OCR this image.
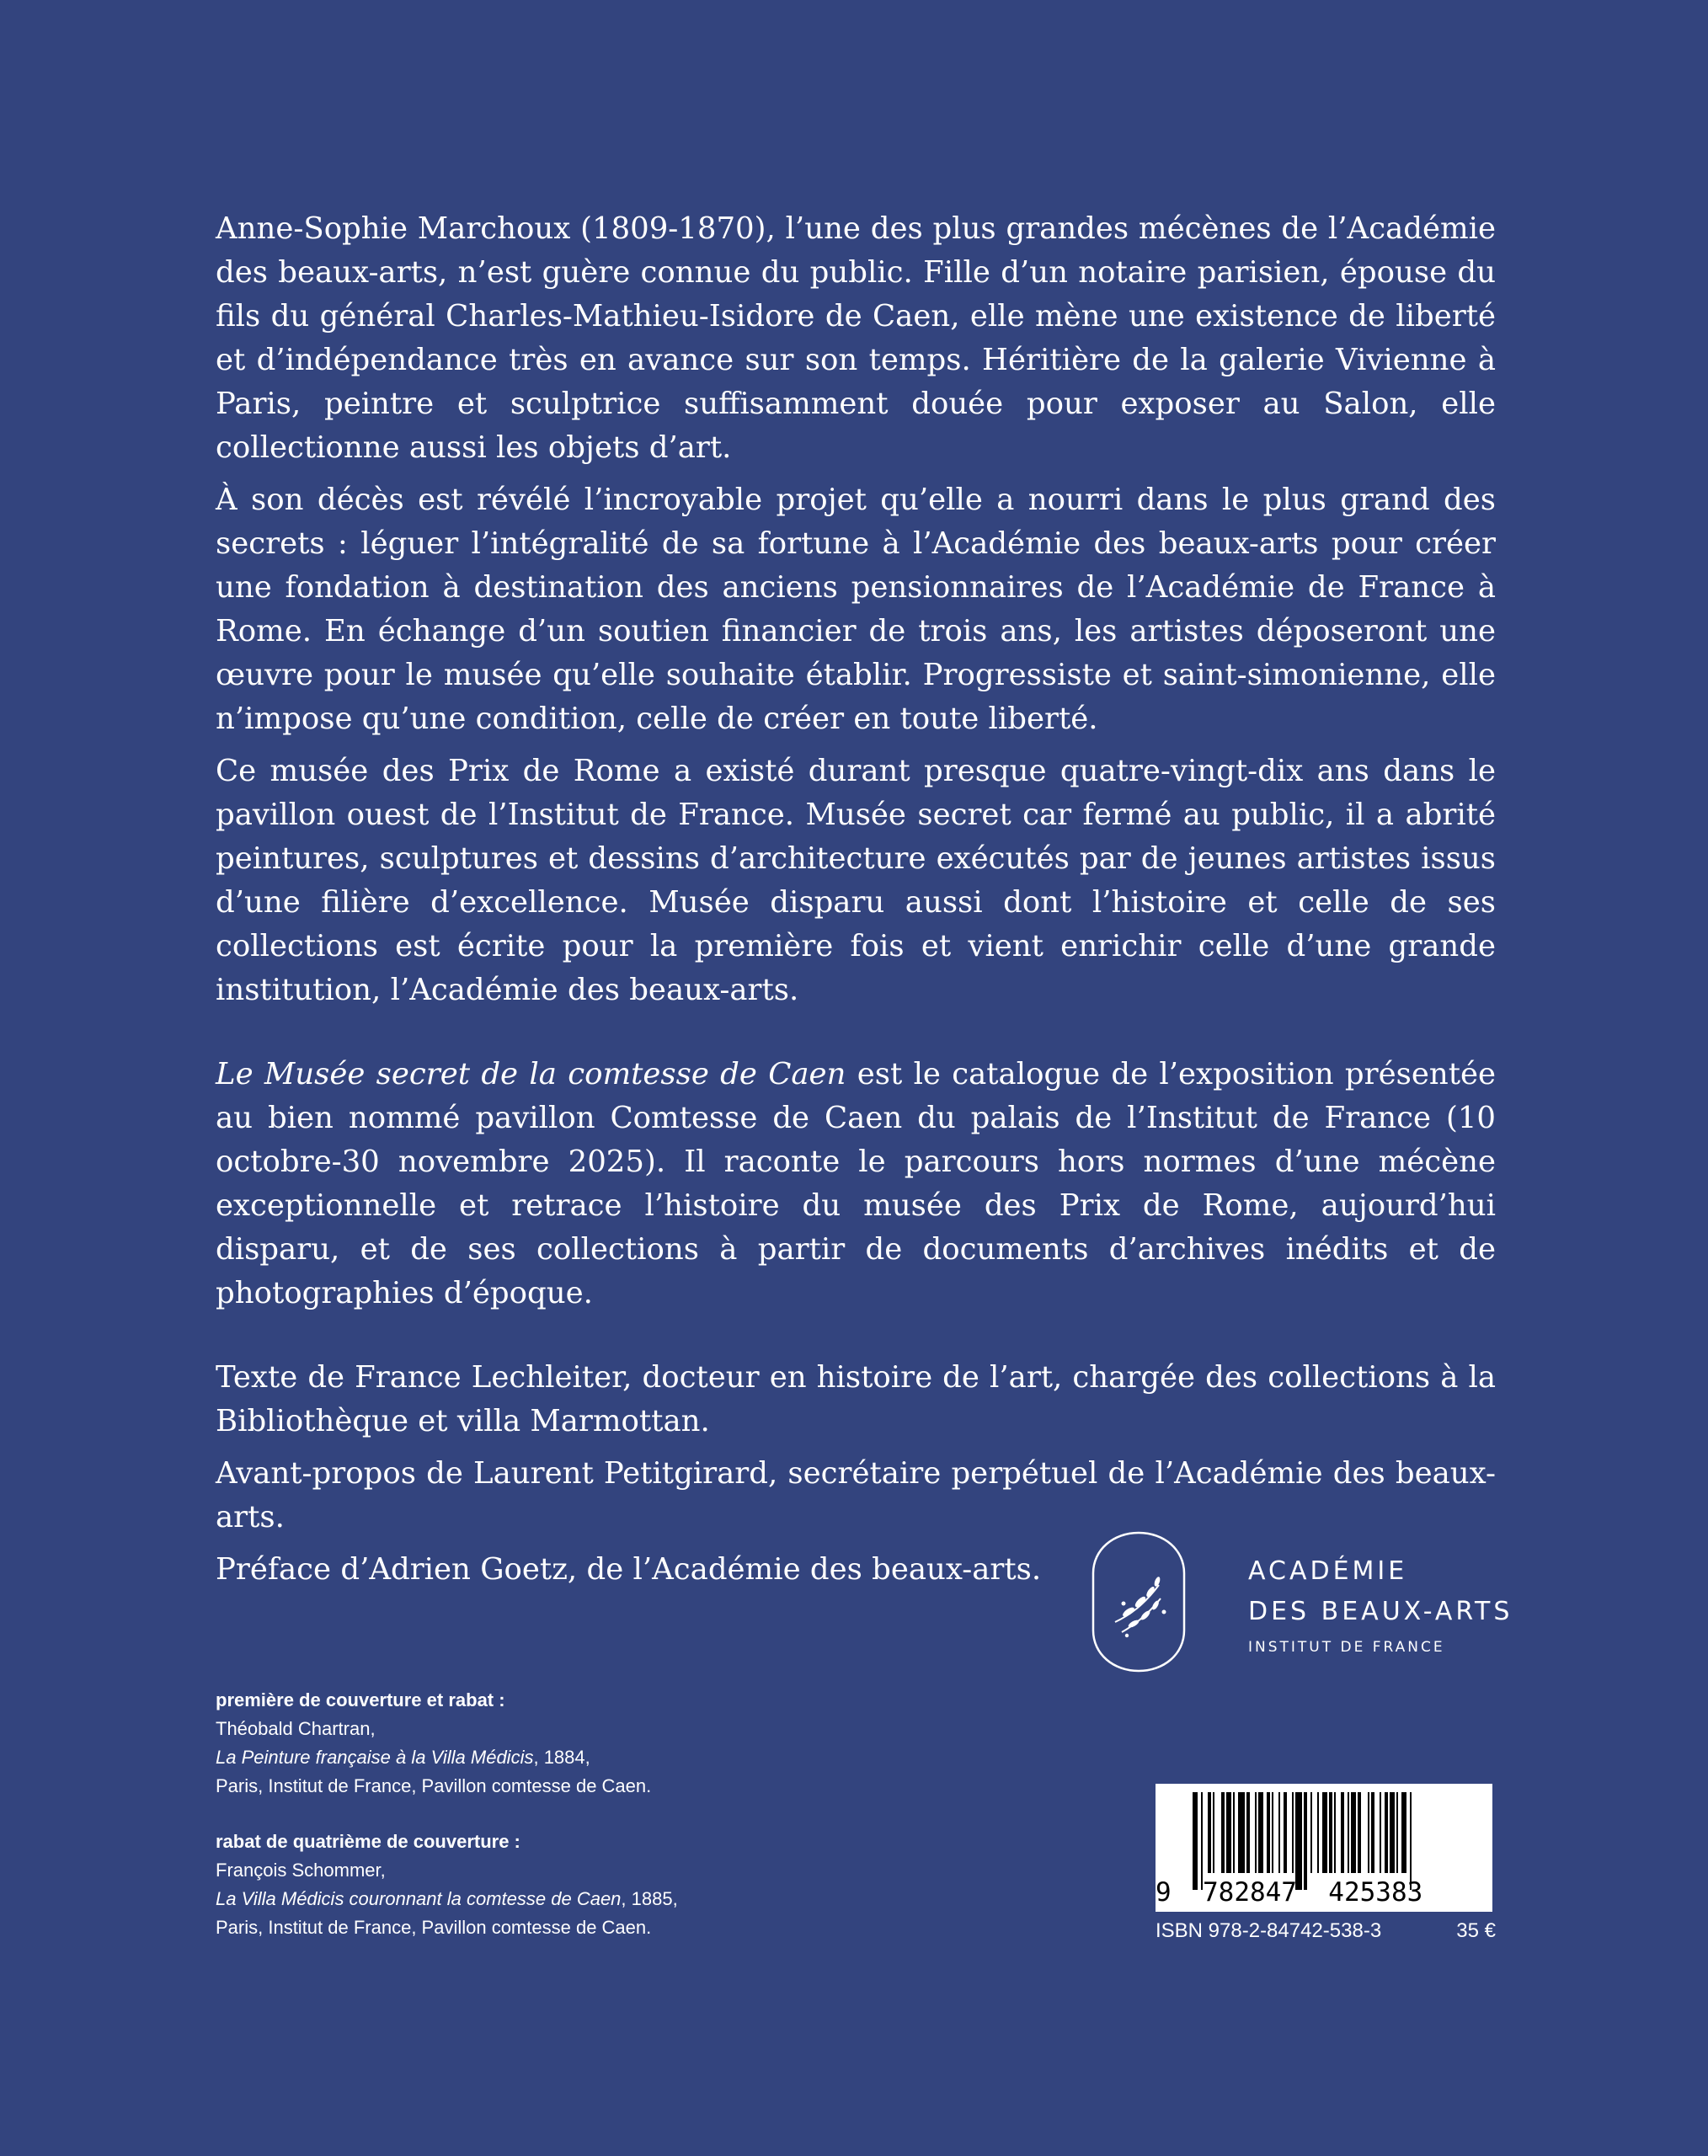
Anne-Sophie Marchoux (1809-1870), l’une des plus grandes mécènes de l’Académie des beaux-arts, n’est guère connue du public. Fille d’un notaire parisien, épouse du fils du général Charles-Mathieu-Isidore de Caen, elle mène une existence de liberté et d’indépendance très en avance sur son temps. Héritière de la galerie Vivienne à Paris, peintre et sculptrice suffisamment douée pour exposer au Salon, elle collectionne aussi les objets d’art.

À son décès est révélé l’incroyable projet qu’elle a nourri dans le plus grand des secrets : léguer l’intégralité de sa fortune à l’Académie des beaux-arts pour créer une fondation à destination des anciens pensionnaires de l’Académie de France à Rome. En échange d’un soutien financier de trois ans, les artistes déposeront une œuvre pour le musée qu’elle souhaite établir. Progressiste et saint-simonienne, elle n’impose qu’une condition, celle de créer en toute liberté.

Ce musée des Prix de Rome a existé durant presque quatre-vingt-dix ans dans le pavillon ouest de l’Institut de France. Musée secret car fermé au public, il a abrité peintures, sculptures et dessins d’architecture exécutés par de jeunes artistes issus d’une filière d’excellence. Musée disparu aussi dont l’histoire et celle de ses collections est écrite pour la première fois et vient enrichir celle d’une grande institution, l’Académie des beaux-arts.

Le Musée secret de la comtesse de Caen est le catalogue de l’exposition présentée au bien nommé pavillon Comtesse de Caen du palais de l’Institut de France (10 octobre-30 novembre 2025). Il raconte le parcours hors normes d’une mécène exceptionnelle et retrace l’histoire du musée des Prix de Rome, aujourd’hui disparu, et de ses collections à partir de documents d’archives inédits et de photographies d’époque.

Texte de France Lechleiter, docteur en histoire de l’art, chargée des collections à la Bibliothèque et villa Marmottan.

Avant-propos de Laurent Petitgirard, secrétaire perpétuel de l’Académie des beaux-arts.

Préface d’Adrien Goetz, de l’Académie des beaux-arts.	ACADÉMIE
DES BEAUX-ARTS
INSTITUT DE FRANCE
première de couverture et rabat :
Théobald Chartran,
La Peinture française à la Villa Médicis, 1884,
Paris, Institut de France, Pavillon comtesse de Caen.
rabat de quatrième de couverture :
François Schommer,
La Villa Médicis couronnant la comtesse de Caen, 1885,
Paris, Institut de France, Pavillon comtesse de Caen.
9  782847  425383
ISBN 978-2-84742-538-3	35 €
